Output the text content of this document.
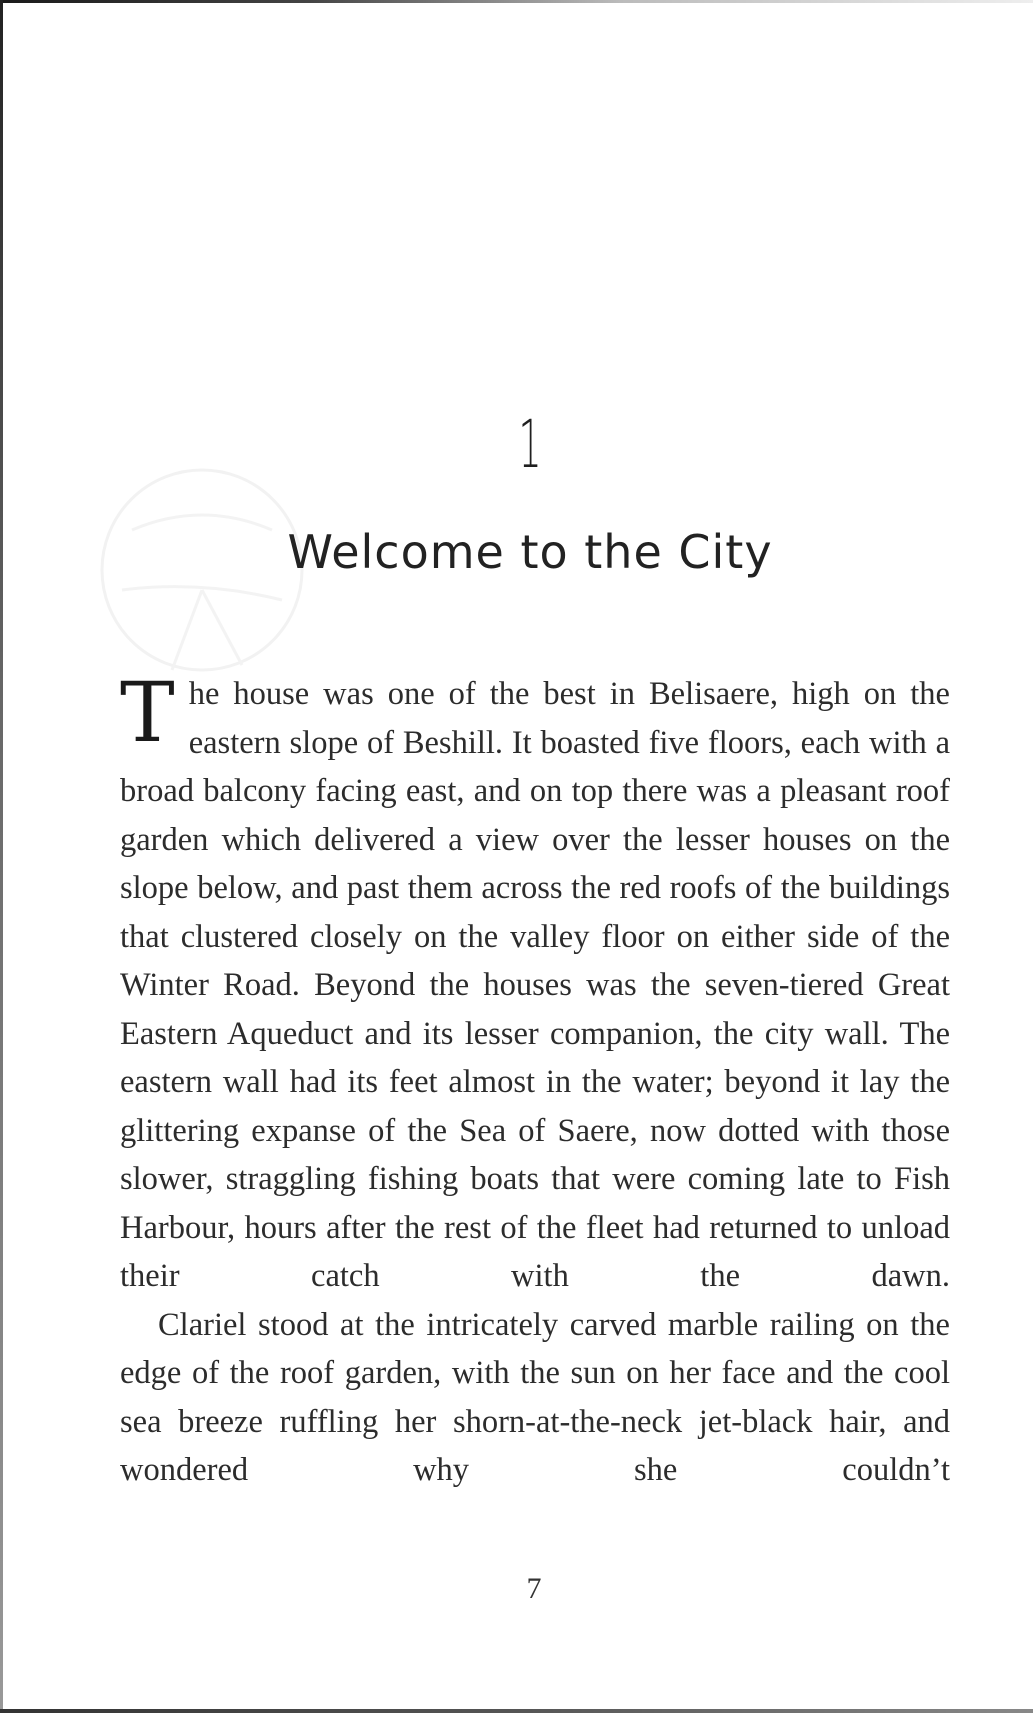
1
Welcome to the City

The house was one of the best in Belisaere, high on the eastern slope of Beshill. It boasted five floors, each with a broad balcony facing east, and on top there was a pleasant roof garden which delivered a view over the lesser houses on the slope below, and past them across the red roofs of the buildings that clustered closely on the valley floor on either side of the Winter Road. Beyond the houses was the seven-tiered Great Eastern Aqueduct and its lesser companion, the city wall. The eastern wall had its feet almost in the water; beyond it lay the glittering expanse of the Sea of Saere, now dotted with those slower, straggling fishing boats that were coming late to Fish Harbour, hours after the rest of the fleet had returned to unload their catch with the dawn.

Clariel stood at the intricately carved marble railing on the edge of the roof garden, with the sun on her face and the cool sea breeze ruffling her shorn-at-the-neck jet-black hair, and wondered why she couldn’t

7
